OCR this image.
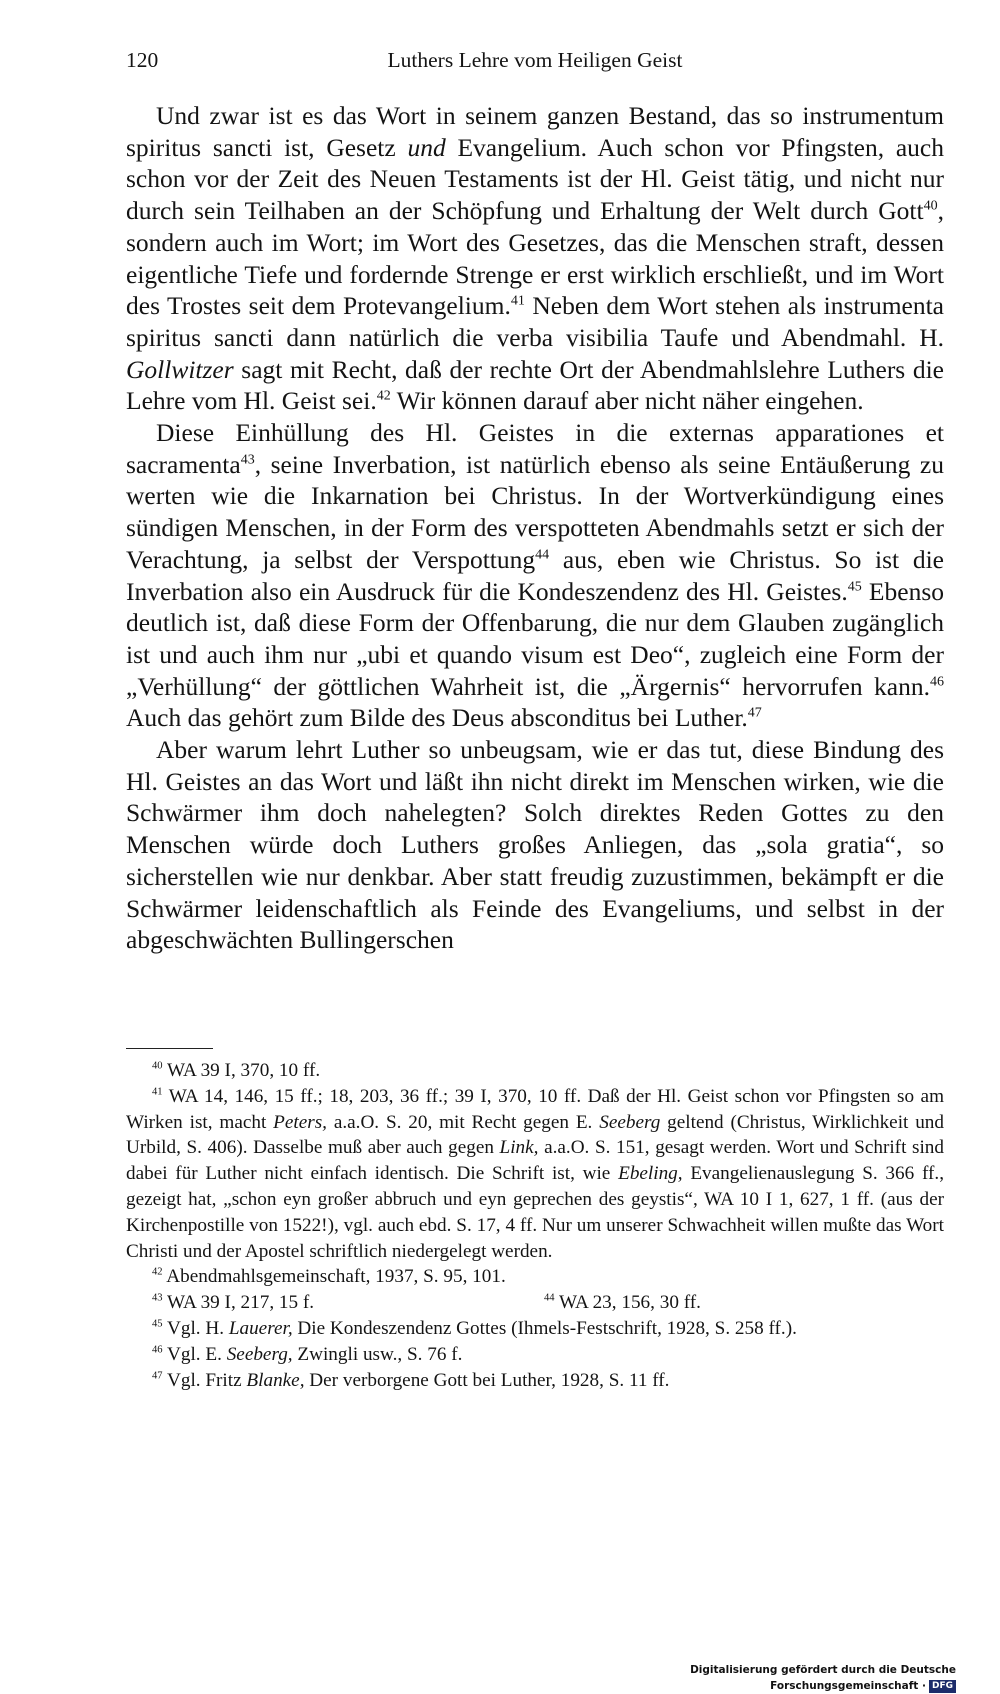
120	Luthers Lehre vom Heiligen Geist

Und zwar ist es das Wort in seinem ganzen Bestand, das so instrumentum spiritus sancti ist, Gesetz und Evangelium. Auch schon vor Pfingsten, auch schon vor der Zeit des Neuen Testaments ist der Hl. Geist tätig, und nicht nur durch sein Teilhaben an der Schöpfung und Erhaltung der Welt durch Gott$^{40}$, sondern auch im Wort; im Wort des Gesetzes, das die Menschen straft, dessen eigentliche Tiefe und fordernde Strenge er erst wirklich erschließt, und im Wort des Trostes seit dem Protevangelium.$^{41}$ Neben dem Wort stehen als instrumenta spiritus sancti dann natürlich die verba visibilia Taufe und Abendmahl. H. Gollwitzer sagt mit Recht, daß der rechte Ort der Abendmahlslehre Luthers die Lehre vom Hl. Geist sei.$^{42}$ Wir können darauf aber nicht näher eingehen.

Diese Einhüllung des Hl. Geistes in die externas apparationes et sacramenta$^{43}$, seine Inverbation, ist natürlich ebenso als seine Entäußerung zu werten wie die Inkarnation bei Christus. In der Wortverkündigung eines sündigen Menschen, in der Form des verspotteten Abendmahls setzt er sich der Verachtung, ja selbst der Verspottung$^{44}$ aus, eben wie Christus. So ist die Inverbation also ein Ausdruck für die Kondeszendenz des Hl. Geistes.$^{45}$ Ebenso deutlich ist, daß diese Form der Offenbarung, die nur dem Glauben zugänglich ist und auch ihm nur „ubi et quando visum est Deo“, zugleich eine Form der „Verhüllung“ der göttlichen Wahrheit ist, die „Ärgernis“ hervorrufen kann.$^{46}$ Auch das gehört zum Bilde des Deus absconditus bei Luther.$^{47}$

Aber warum lehrt Luther so unbeugsam, wie er das tut, diese Bindung des Hl. Geistes an das Wort und läßt ihn nicht direkt im Menschen wirken, wie die Schwärmer ihm doch nahelegten? Solch direktes Reden Gottes zu den Menschen würde doch Luthers großes Anliegen, das „sola gratia“, so sicherstellen wie nur denkbar. Aber statt freudig zuzustimmen, bekämpft er die Schwärmer leidenschaftlich als Feinde des Evangeliums, und selbst in der abgeschwächten Bullingerschen

$^{40}$ WA 39 I, 370, 10 ff.

$^{41}$ WA 14, 146, 15 ff.; 18, 203, 36 ff.; 39 I, 370, 10 ff. Daß der Hl. Geist schon vor Pfingsten so am Wirken ist, macht Peters, a.a.O. S. 20, mit Recht gegen E. Seeberg geltend (Christus, Wirklichkeit und Urbild, S. 406). Dasselbe muß aber auch gegen Link, a.a.O. S. 151, gesagt werden. Wort und Schrift sind dabei für Luther nicht einfach identisch. Die Schrift ist, wie Ebeling, Evangelienauslegung S. 366 ff., gezeigt hat, „schon eyn großer abbruch und eyn geprechen des geystis“, WA 10 I 1, 627, 1 ff. (aus der Kirchenpostille von 1522!), vgl. auch ebd. S. 17, 4 ff. Nur um unserer Schwachheit willen mußte das Wort Christi und der Apostel schriftlich niedergelegt werden.

$^{42}$ Abendmahlsgemeinschaft, 1937, S. 95, 101.

$^{43}$ WA 39 I, 217, 15 f.	$^{44}$ WA 23, 156, 30 ff.

$^{45}$ Vgl. H. Lauerer, Die Kondeszendenz Gottes (Ihmels-Festschrift, 1928, S. 258 ff.).

$^{46}$ Vgl. E. Seeberg, Zwingli usw., S. 76 f.

$^{47}$ Vgl. Fritz Blanke, Der verborgene Gott bei Luther, 1928, S. 11 ff.

Digitalisierung gefördert durch die Deutsche Forschungsgemeinschaft · DFG
